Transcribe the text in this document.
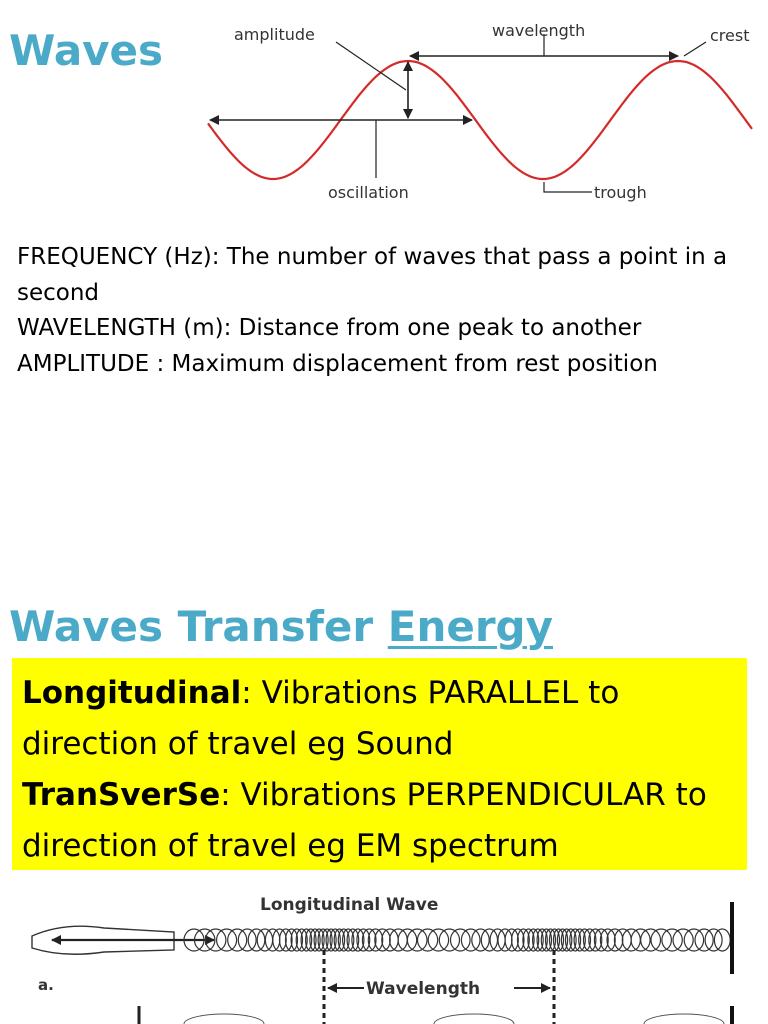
Waves	amplitude	wavelength	crest
oscillation	trough

FREQUENCY (Hz): The number of waves that pass a point in a second

WAVELENGTH (m): Distance from one peak to another

AMPLITUDE : Maximum displacement from rest position

Waves Transfer Energy

Longitudinal: Vibrations PARALLEL to direction of travel eg Sound

TranSverSe: Vibrations PERPENDICULAR to direction of travel eg EM spectrum

Longitudinal Wave
a.	Wavelength
